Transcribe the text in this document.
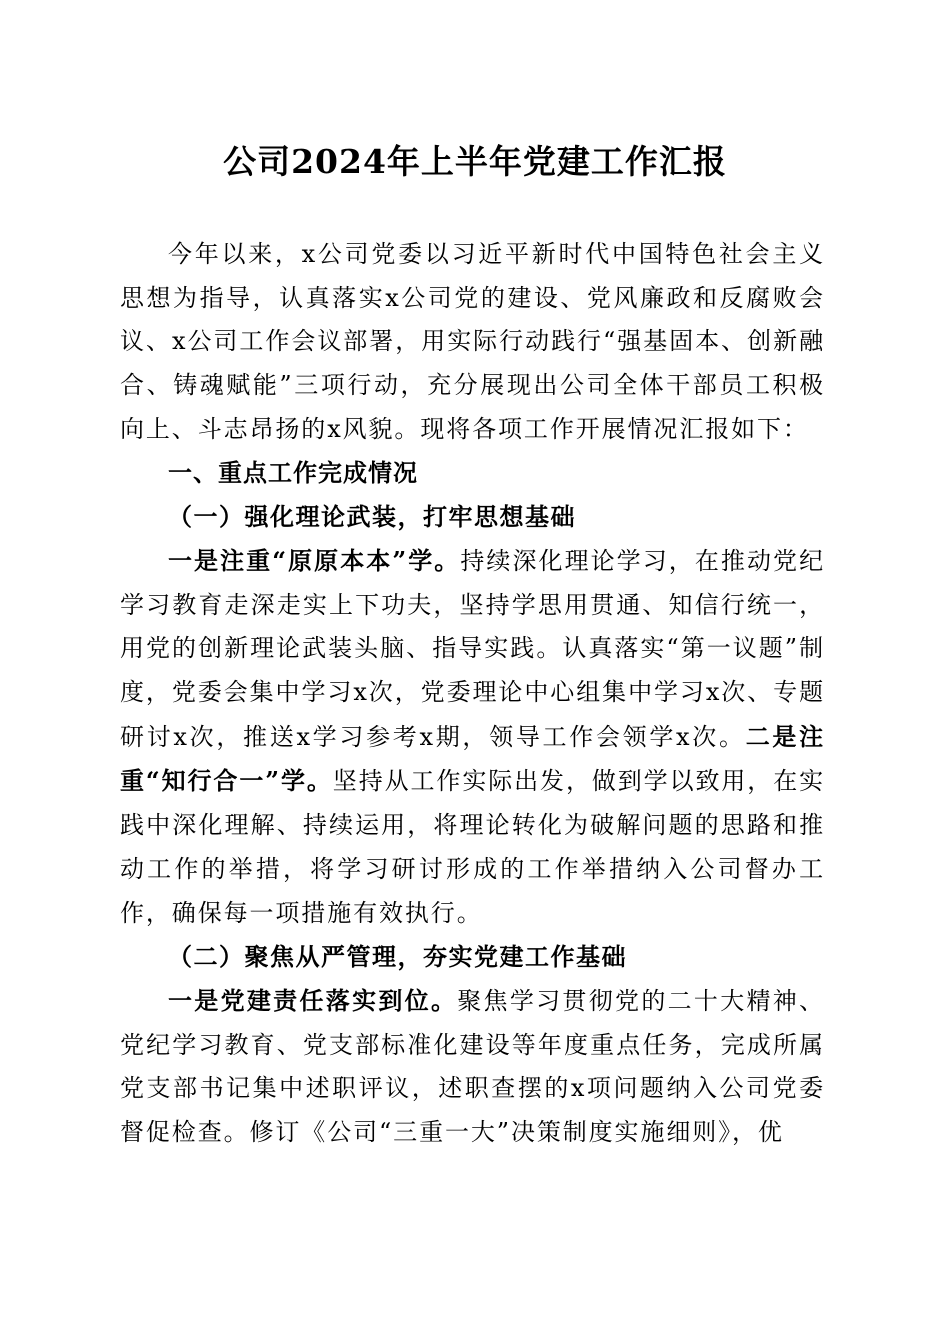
公司2024年上半年党建工作汇报

今年以来，x公司党委以习近平新时代中国特色社会主义思想为指导，认真落实x公司党的建设、党风廉政和反腐败会议、x公司工作会议部署，用实际行动践行“强基固本、创新融合、铸魂赋能”三项行动，充分展现出公司全体干部员工积极向上、斗志昂扬的x风貌。现将各项工作开展情况汇报如下：

一、重点工作完成情况

（一）强化理论武装，打牢思想基础

一是注重“原原本本”学。持续深化理论学习，在推动党纪学习教育走深走实上下功夫，坚持学思用贯通、知信行统一，用党的创新理论武装头脑、指导实践。认真落实“第一议题”制度，党委会集中学习x次，党委理论中心组集中学习x次、专题研讨x次，推送x学习参考x期，领导工作会领学x次。二是注重“知行合一”学。坚持从工作实际出发，做到学以致用，在实践中深化理解、持续运用，将理论转化为破解问题的思路和推动工作的举措，将学习研讨形成的工作举措纳入公司督办工作，确保每一项措施有效执行。

（二）聚焦从严管理，夯实党建工作基础

一是党建责任落实到位。聚焦学习贯彻党的二十大精神、党纪学习教育、党支部标准化建设等年度重点任务，完成所属党支部书记集中述职评议，述职查摆的x项问题纳入公司党委督促检查。修订《公司“三重一大”决策制度实施细则》，优
